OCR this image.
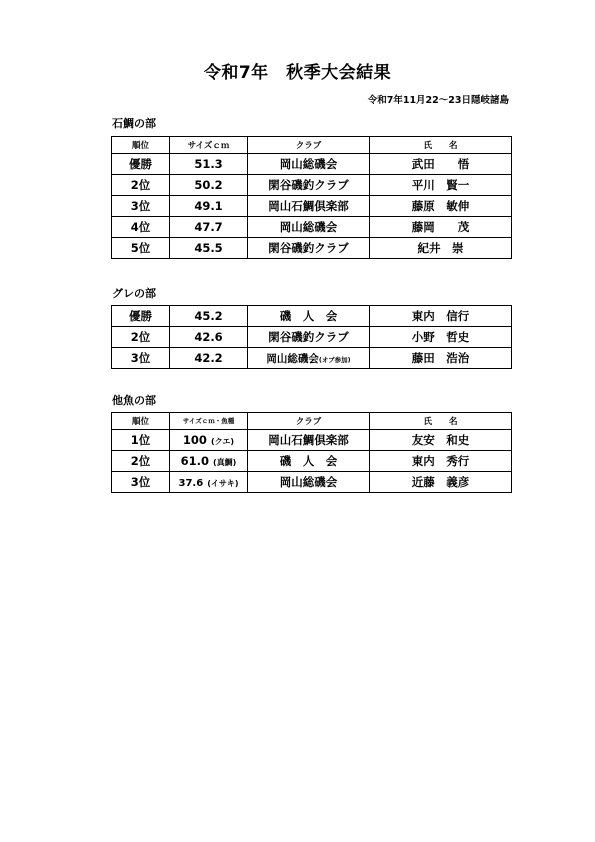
令和7年　秋季大会結果
令和7年11月22～23日隠岐諸島
石鯛の部
順位	サイズｃｍ	クラブ	氏　　名
優勝	51.3	岡山総磯会	武田　　悟
2位	50.2	閑谷磯釣クラブ	平川　賢一
3位	49.1	岡山石鯛倶楽部	藤原　敏伸
4位	47.7	岡山総磯会	藤岡　　茂
5位	45.5	閑谷磯釣クラブ	紀井　崇
グレの部
優勝	45.2	磯　人　会	東内　信行
2位	42.6	閑谷磯釣クラブ	小野　哲史
3位	42.2	岡山総磯会(オブ参加)	藤田　浩治
他魚の部
順位	サイズｃｍ・魚種	クラブ	氏　　名
1位	100 (クエ)	岡山石鯛倶楽部	友安　和史
2位	61.0 (真鯛)	磯　人　会	東内　秀行
3位	37.6 (イサキ)	岡山総磯会	近藤　義彦
